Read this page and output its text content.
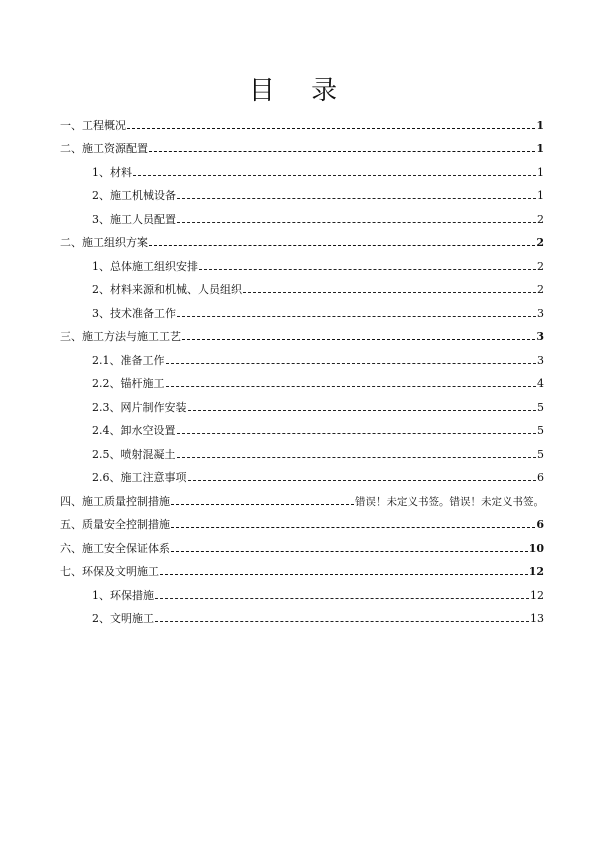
目 录
一、工程概况	1
二、施工资源配置	1
1、材料	1
2、施工机械设备	1
3、施工人员配置	2
二、施工组织方案	2
1、总体施工组织安排	2
2、材料来源和机械、人员组织	2
3、技术准备工作	3
三、施工方法与施工工艺	3
2.1、准备工作	3
2.2、锚杆施工	4
2.3、网片制作安装	5
2.4、卸水空设置	5
2.5、喷射混凝土	5
2.6、施工注意事项	6
四、施工质量控制措施	错误！未定义书签。错误！未定义书签。
五、质量安全控制措施	6
六、施工安全保证体系	10
七、环保及文明施工	12
1、环保措施	12
2、文明施工	13
